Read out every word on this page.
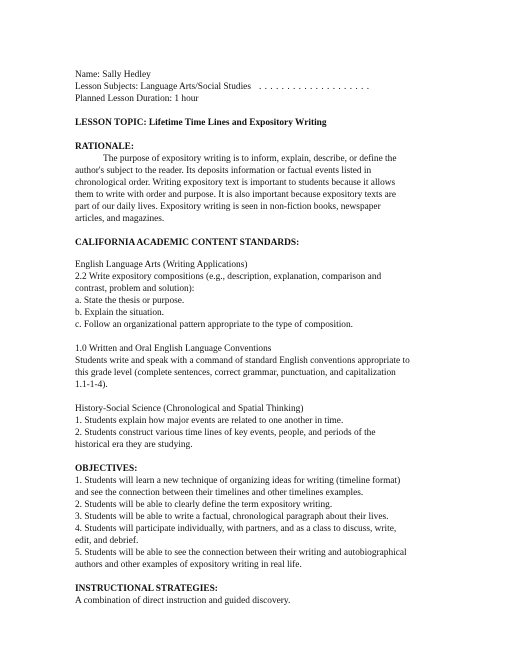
Name: Sally Hedley
Lesson Subjects: Language Arts/Social Studies . . . . . . . . . . . . . . . . . . . .
Planned Lesson Duration: 1 hour
LESSON TOPIC: Lifetime Time Lines and Expository Writing
RATIONALE:
The purpose of expository writing is to inform, explain, describe, or define the
author's subject to the reader. Its deposits information or factual events listed in
chronological order. Writing expository text is important to students because it allows
them to write with order and purpose. It is also important because expository texts are
part of our daily lives. Expository writing is seen in non-fiction books, newspaper
articles, and magazines.
CALIFORNIA ACADEMIC CONTENT STANDARDS:
English Language Arts (Writing Applications)
2.2 Write expository compositions (e.g., description, explanation, comparison and
contrast, problem and solution):
a. State the thesis or purpose.
b. Explain the situation.
c. Follow an organizational pattern appropriate to the type of composition.
1.0 Written and Oral English Language Conventions
Students write and speak with a command of standard English conventions appropriate to
this grade level (complete sentences, correct grammar, punctuation, and capitalization
1.1-1-4).
History-Social Science (Chronological and Spatial Thinking)
1. Students explain how major events are related to one another in time.
2. Students construct various time lines of key events, people, and periods of the
historical era they are studying.
OBJECTIVES:
1. Students will learn a new technique of organizing ideas for writing (timeline format)
and see the connection between their timelines and other timelines examples.
2. Students will be able to clearly define the term expository writing.
3. Students will be able to write a factual, chronological paragraph about their lives.
4. Students will participate individually, with partners, and as a class to discuss, write,
edit, and debrief.
5. Students will be able to see the connection between their writing and autobiographical
authors and other examples of expository writing in real life.
INSTRUCTIONAL STRATEGIES:
A combination of direct instruction and guided discovery.
